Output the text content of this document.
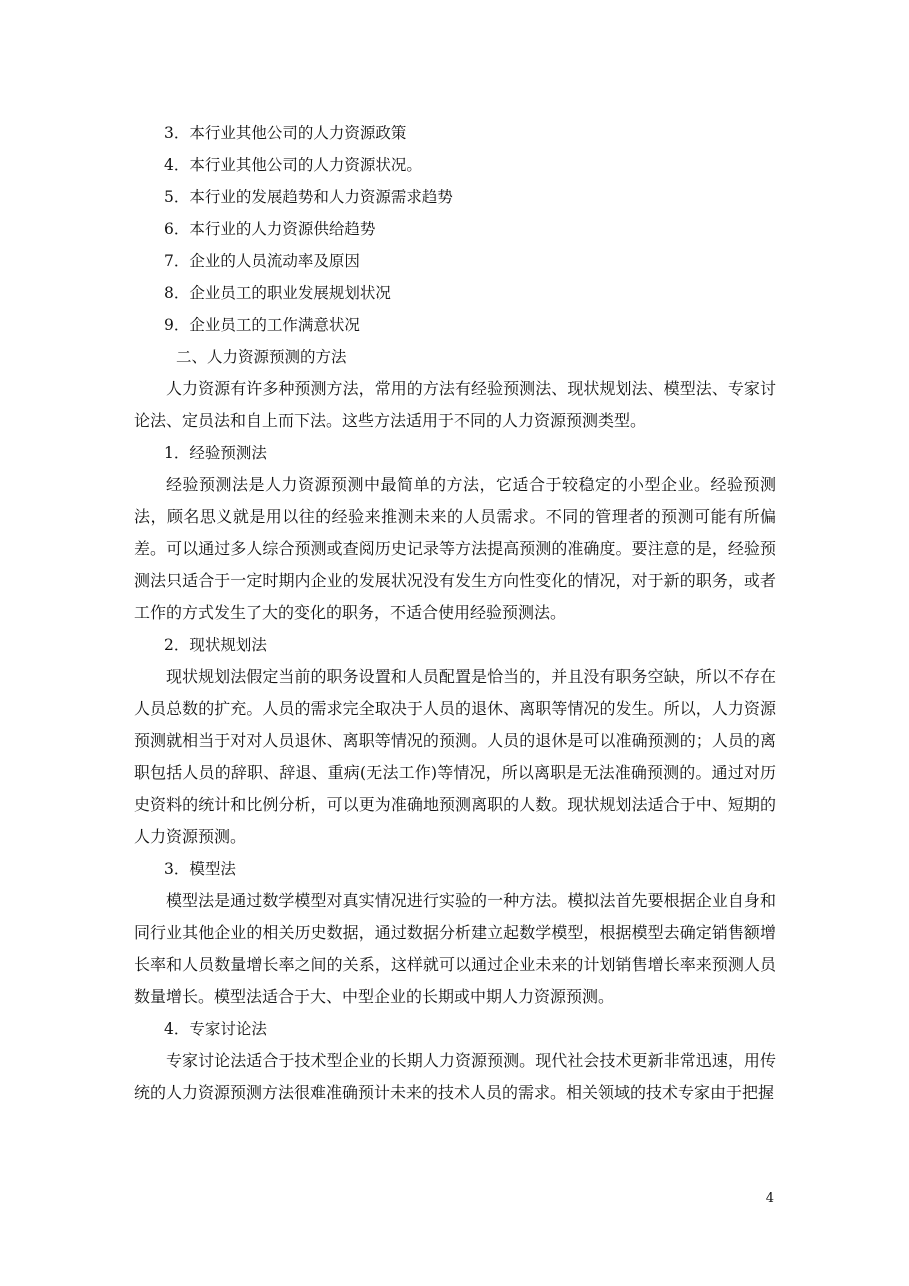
3．本行业其他公司的人力资源政策

4．本行业其他公司的人力资源状况。

5．本行业的发展趋势和人力资源需求趋势

6．本行业的人力资源供给趋势

7．企业的人员流动率及原因

8．企业员工的职业发展规划状况

9．企业员工的工作满意状况

二、人力资源预测的方法

人力资源有许多种预测方法，常用的方法有经验预测法、现状规划法、模型法、专家讨论法、定员法和自上而下法。这些方法适用于不同的人力资源预测类型。

1．经验预测法

经验预测法是人力资源预测中最简单的方法，它适合于较稳定的小型企业。经验预测法，顾名思义就是用以往的经验来推测未来的人员需求。不同的管理者的预测可能有所偏差。可以通过多人综合预测或查阅历史记录等方法提高预测的准确度。要注意的是，经验预测法只适合于一定时期内企业的发展状况没有发生方向性变化的情况，对于新的职务，或者工作的方式发生了大的变化的职务，不适合使用经验预测法。

2．现状规划法

现状规划法假定当前的职务设置和人员配置是恰当的，并且没有职务空缺，所以不存在人员总数的扩充。人员的需求完全取决于人员的退休、离职等情况的发生。所以，人力资源预测就相当于对对人员退休、离职等情况的预测。人员的退休是可以准确预测的；人员的离职包括人员的辞职、辞退、重病(无法工作)等情况，所以离职是无法准确预测的。通过对历史资料的统计和比例分析，可以更为准确地预测离职的人数。现状规划法适合于中、短期的人力资源预测。

3．模型法

模型法是通过数学模型对真实情况进行实验的一种方法。模拟法首先要根据企业自身和同行业其他企业的相关历史数据，通过数据分析建立起数学模型，根据模型去确定销售额增长率和人员数量增长率之间的关系，这样就可以通过企业未来的计划销售增长率来预测人员数量增长。模型法适合于大、中型企业的长期或中期人力资源预测。

4．专家讨论法

专家讨论法适合于技术型企业的长期人力资源预测。现代社会技术更新非常迅速，用传统的人力资源预测方法很难准确预计未来的技术人员的需求。相关领域的技术专家由于把握

4
